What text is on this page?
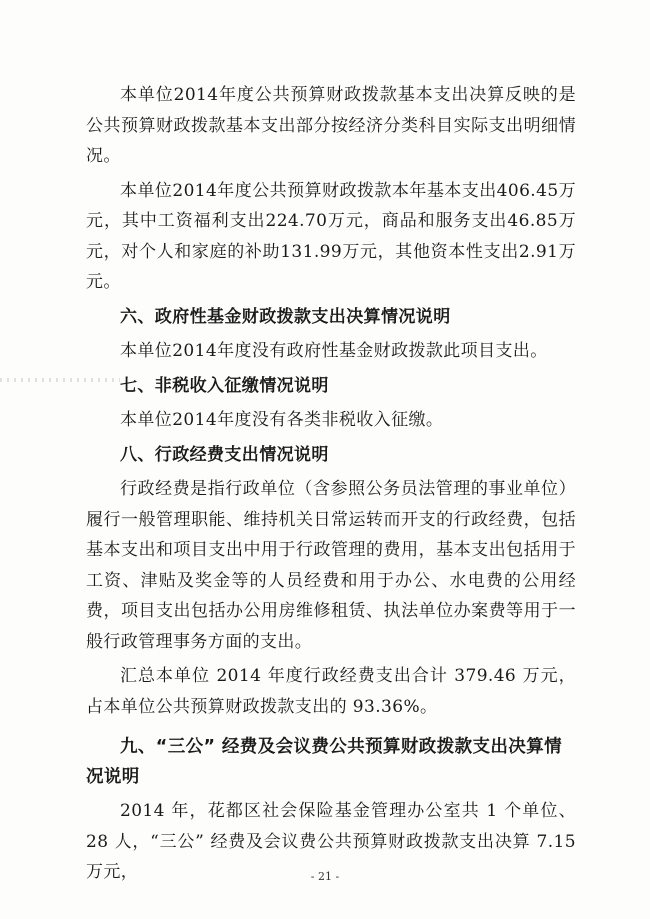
本单位2014年度公共预算财政拨款基本支出决算反映的是公共预算财政拨款基本支出部分按经济分类科目实际支出明细情况。

本单位2014年度公共预算财政拨款本年基本支出406.45万元，其中工资福利支出224.70万元，商品和服务支出46.85万元，对个人和家庭的补助131.99万元，其他资本性支出2.91万元。

六、政府性基金财政拨款支出决算情况说明

本单位2014年度没有政府性基金财政拨款此项目支出。

七、非税收入征缴情况说明

本单位2014年度没有各类非税收入征缴。

八、行政经费支出情况说明

行政经费是指行政单位（含参照公务员法管理的事业单位）履行一般管理职能、维持机关日常运转而开支的行政经费，包括基本支出和项目支出中用于行政管理的费用，基本支出包括用于工资、津贴及奖金等的人员经费和用于办公、水电费的公用经费，项目支出包括办公用房维修租赁、执法单位办案费等用于一般行政管理事务方面的支出。

汇总本单位 2014 年度行政经费支出合计 379.46 万元，占本单位公共预算财政拨款支出的 93.36%。

九、“三公” 经费及会议费公共预算财政拨款支出决算情况说明

2014 年，花都区社会保险基金管理办公室共 1 个单位、28 人，“三公” 经费及会议费公共预算财政拨款支出决算 7.15 万元，	- 21 -
